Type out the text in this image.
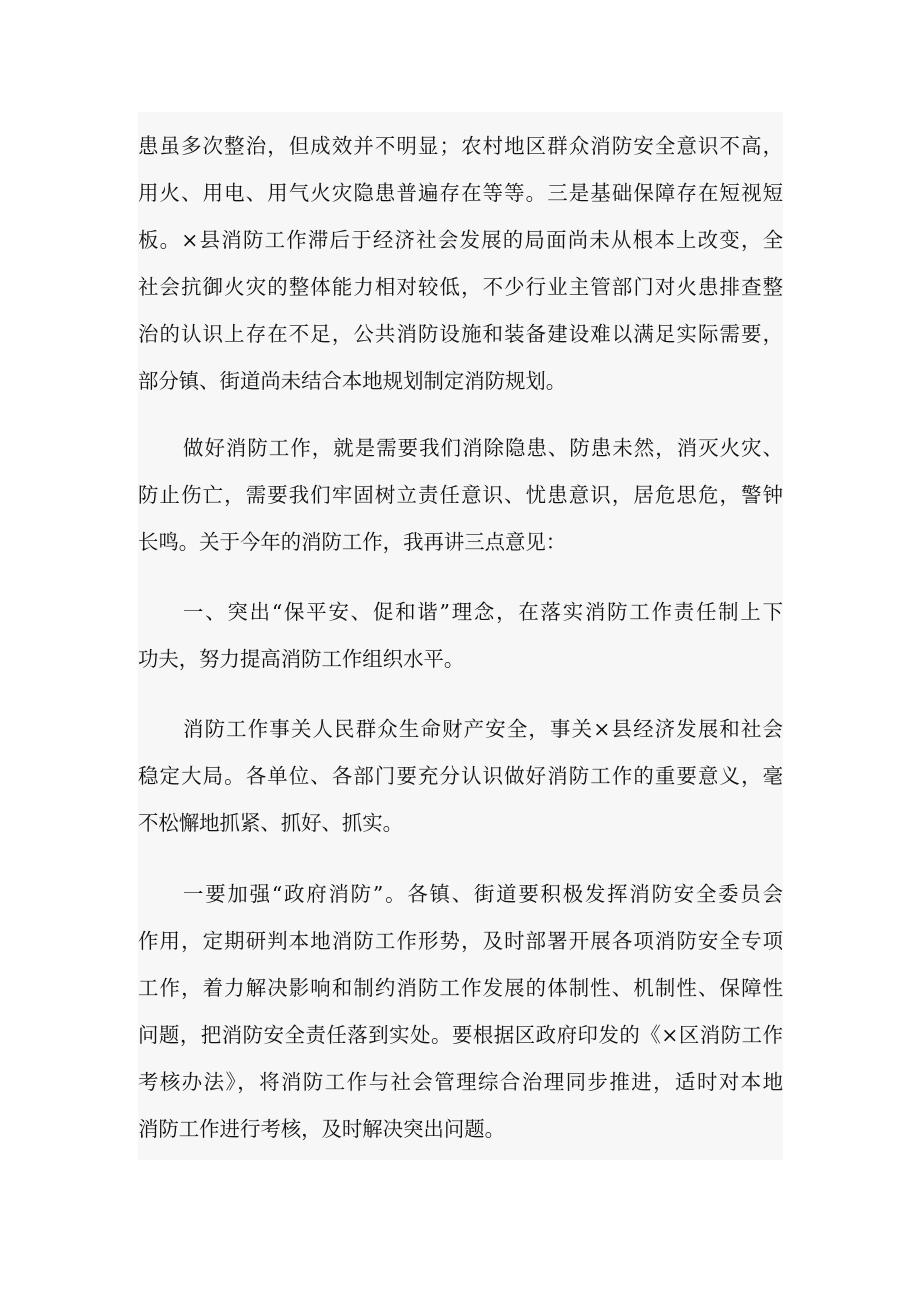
患虽多次整治，但成效并不明显；农村地区群众消防安全意识不高，
用火、用电、用气火灾隐患普遍存在等等。三是基础保障存在短视短
板。×县消防工作滞后于经济社会发展的局面尚未从根本上改变，全
社会抗御火灾的整体能力相对较低，不少行业主管部门对火患排查整
治的认识上存在不足，公共消防设施和装备建设难以满足实际需要，
部分镇、街道尚未结合本地规划制定消防规划。
做好消防工作，就是需要我们消除隐患、防患未然，消灭火灾、
防止伤亡，需要我们牢固树立责任意识、忧患意识，居危思危，警钟
长鸣。关于今年的消防工作，我再讲三点意见：
一、突出“保平安、促和谐”理念，在落实消防工作责任制上下
功夫，努力提高消防工作组织水平。
消防工作事关人民群众生命财产安全，事关×县经济发展和社会
稳定大局。各单位、各部门要充分认识做好消防工作的重要意义，毫
不松懈地抓紧、抓好、抓实。
一要加强“政府消防”。各镇、街道要积极发挥消防安全委员会
作用，定期研判本地消防工作形势，及时部署开展各项消防安全专项
工作，着力解决影响和制约消防工作发展的体制性、机制性、保障性
问题，把消防安全责任落到实处。要根据区政府印发的《×区消防工作
考核办法》，将消防工作与社会管理综合治理同步推进，适时对本地
消防工作进行考核，及时解决突出问题。
